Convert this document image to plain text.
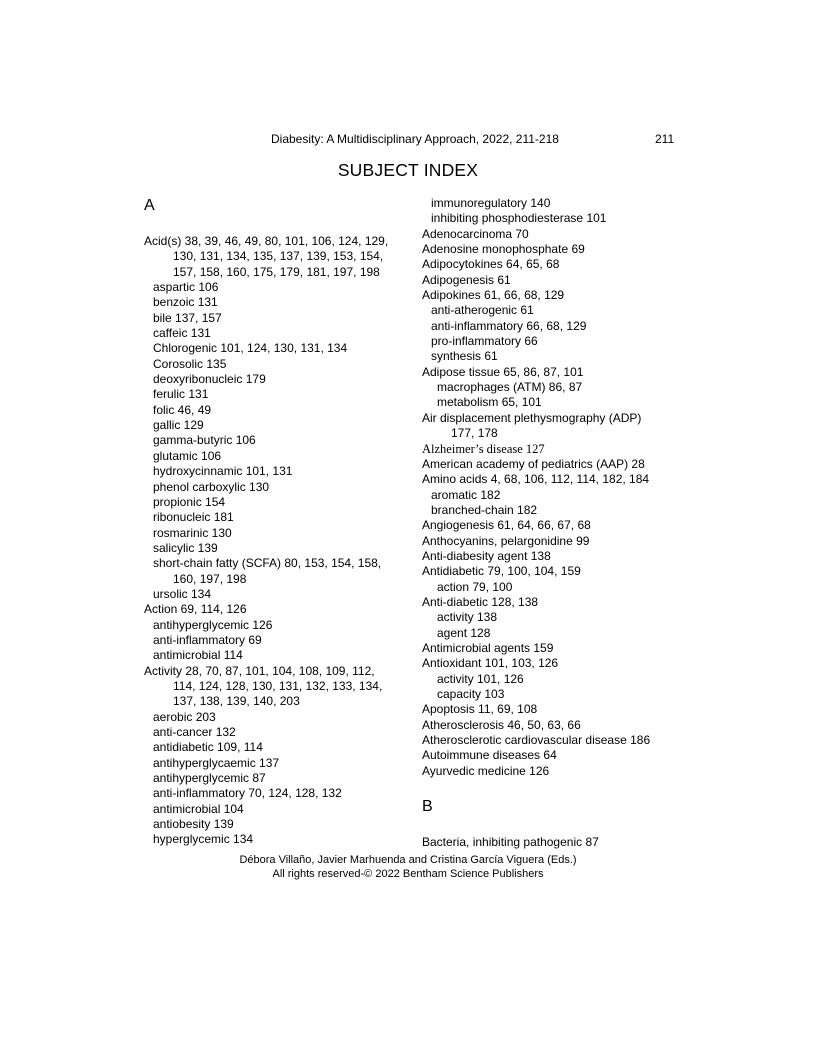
Diabesity: A Multidisciplinary Approach, 2022, 211-218	211
SUBJECT INDEX
A
Acid(s) 38, 39, 46, 49, 80, 101, 106, 124, 129,
130, 131, 134, 135, 137, 139, 153, 154,
157, 158, 160, 175, 179, 181, 197, 198
aspartic 106
benzoic 131
bile 137, 157
caffeic 131
Chlorogenic 101, 124, 130, 131, 134
Corosolic 135
deoxyribonucleic 179
ferulic 131
folic 46, 49
gallic 129
gamma-butyric 106
glutamic 106
hydroxycinnamic 101, 131
phenol carboxylic 130
propionic 154
ribonucleic 181
rosmarinic 130
salicylic 139
short-chain fatty (SCFA) 80, 153, 154, 158,
160, 197, 198
ursolic 134
Action 69, 114, 126
antihyperglycemic 126
anti-inflammatory 69
antimicrobial 114
Activity 28, 70, 87, 101, 104, 108, 109, 112,
114, 124, 128, 130, 131, 132, 133, 134,
137, 138, 139, 140, 203
aerobic 203
anti-cancer 132
antidiabetic 109, 114
antihyperglycaemic 137
antihyperglycemic 87
anti-inflammatory 70, 124, 128, 132
antimicrobial 104
antiobesity 139
hyperglycemic 134
immunoregulatory 140
inhibiting phosphodiesterase 101
Adenocarcinoma 70
Adenosine monophosphate 69
Adipocytokines 64, 65, 68
Adipogenesis 61
Adipokines 61, 66, 68, 129
anti-atherogenic 61
anti-inflammatory 66, 68, 129
pro-inflammatory 66
synthesis 61
Adipose tissue 65, 86, 87, 101
macrophages (ATM) 86, 87
metabolism 65, 101
Air displacement plethysmography (ADP)
177, 178
Alzheimer’s disease 127
American academy of pediatrics (AAP) 28
Amino acids 4, 68, 106, 112, 114, 182, 184
aromatic 182
branched-chain 182
Angiogenesis 61, 64, 66, 67, 68
Anthocyanins, pelargonidine 99
Anti-diabesity agent 138
Antidiabetic 79, 100, 104, 159
action 79, 100
Anti-diabetic 128, 138
activity 138
agent 128
Antimicrobial agents 159
Antioxidant 101, 103, 126
activity 101, 126
capacity 103
Apoptosis 11, 69, 108
Atherosclerosis 46, 50, 63, 66
Atherosclerotic cardiovascular disease 186
Autoimmune diseases 64
Ayurvedic medicine 126
B
Bacteria, inhibiting pathogenic 87
Débora Villaño, Javier Marhuenda and Cristina García Viguera (Eds.)
All rights reserved-© 2022 Bentham Science Publishers
